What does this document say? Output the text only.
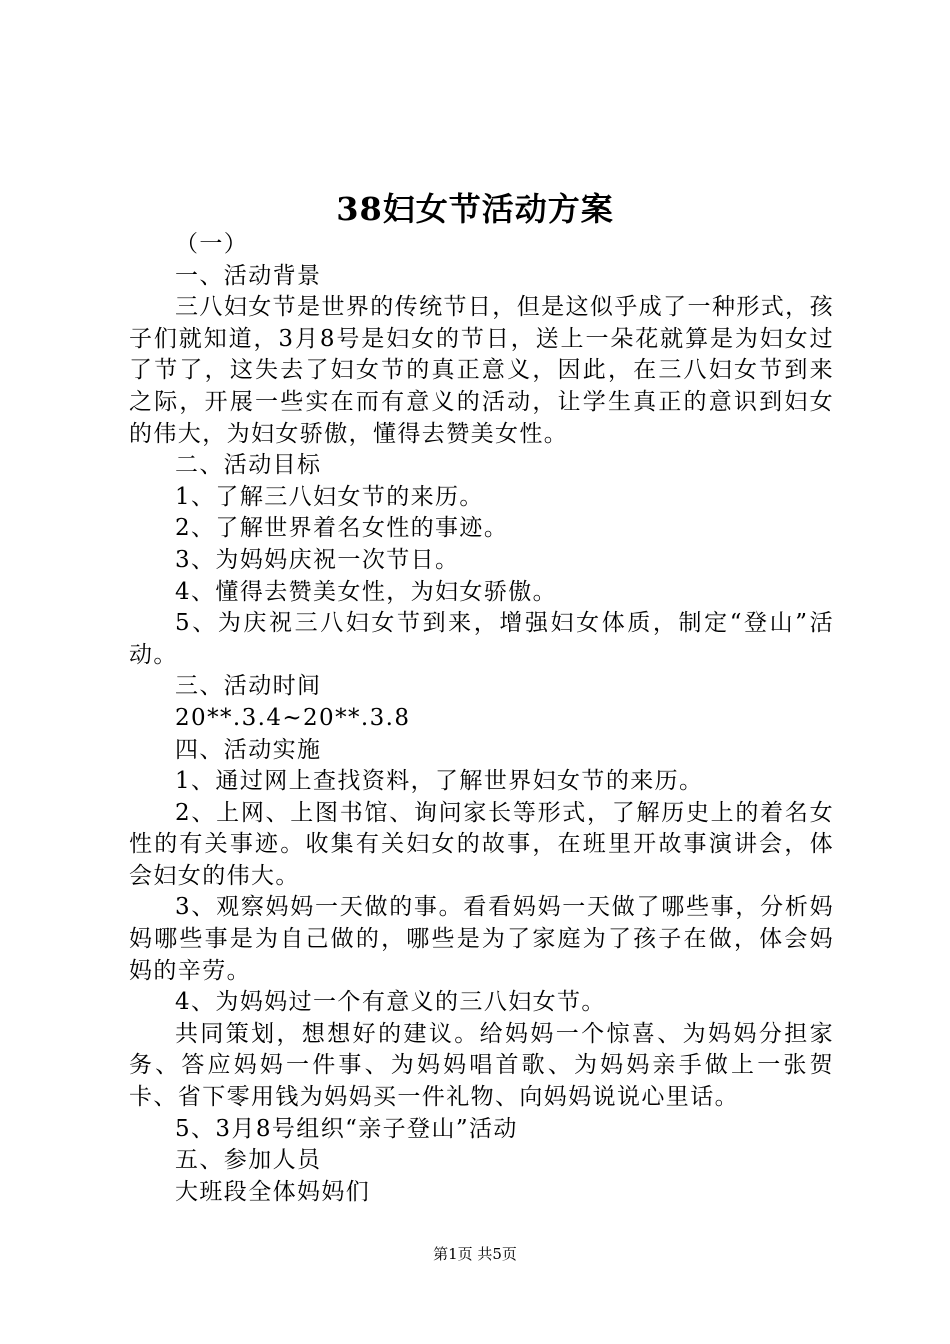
38妇女节活动方案

（一）

一、活动背景

三八妇女节是世界的传统节日，但是这似乎成了一种形式，孩子们就知道，3月8号是妇女的节日，送上一朵花就算是为妇女过了节了，这失去了妇女节的真正意义，因此，在三八妇女节到来之际，开展一些实在而有意义的活动，让学生真正的意识到妇女的伟大，为妇女骄傲，懂得去赞美女性。

二、活动目标

1、了解三八妇女节的来历。

2、了解世界着名女性的事迹。

3、为妈妈庆祝一次节日。

4、懂得去赞美女性，为妇女骄傲。

5、为庆祝三八妇女节到来，增强妇女体质，制定“登山”活动。

三、活动时间

20**.3.4~20**.3.8

四、活动实施

1、通过网上查找资料，了解世界妇女节的来历。

2、上网、上图书馆、询问家长等形式，了解历史上的着名女性的有关事迹。收集有关妇女的故事，在班里开故事演讲会，体会妇女的伟大。

3、观察妈妈一天做的事。看看妈妈一天做了哪些事，分析妈妈哪些事是为自己做的，哪些是为了家庭为了孩子在做，体会妈妈的辛劳。

4、为妈妈过一个有意义的三八妇女节。

共同策划，想想好的建议。给妈妈一个惊喜、为妈妈分担家务、答应妈妈一件事、为妈妈唱首歌、为妈妈亲手做上一张贺卡、省下零用钱为妈妈买一件礼物、向妈妈说说心里话。

5、3月8号组织“亲子登山”活动

五、参加人员

大班段全体妈妈们

第1页 共5页
